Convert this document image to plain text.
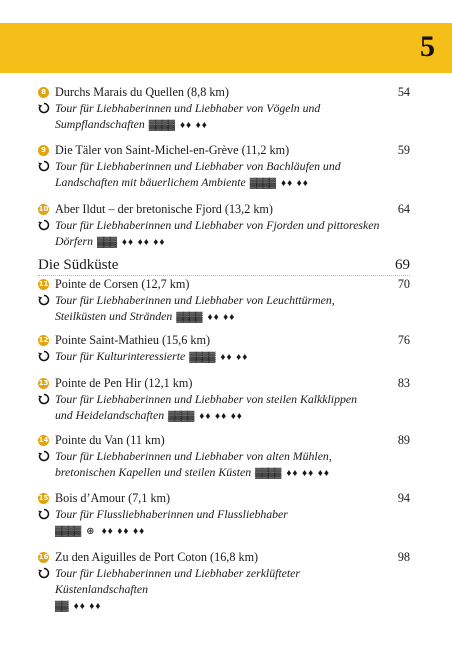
5
8 Durchs Marais du Quellen (8,8 km)	54
Tour für Liebhaberinnen und Liebhaber von Vögeln und
Sumpflandschaften ▓▓▓▓ ♦♦ ♦♦
9 Die Täler von Saint-Michel-en-Grève (11,2 km)	59
Tour für Liebhaberinnen und Liebhaber von Bachläufen und
Landschaften mit bäuerlichem Ambiente ▓▓▓▓ ♦♦ ♦♦
10 Aber Ildut – der bretonische Fjord (13,2 km)	64
Tour für Liebhaberinnen und Liebhaber von Fjorden und pittoresken
Dörfern ▓▓▓ ♦♦ ♦♦ ♦♦
Die Südküste	69
11 Pointe de Corsen (12,7 km)	70
Tour für Liebhaberinnen und Liebhaber von Leuchttürmen,
Steilküsten und Stränden ▓▓▓▓ ♦♦ ♦♦
12 Pointe Saint-Mathieu (15,6 km)	76
Tour für Kulturinteressierte ▓▓▓▓ ♦♦ ♦♦
13 Pointe de Pen Hir (12,1 km)	83
Tour für Liebhaberinnen und Liebhaber von steilen Kalkklippen
und Heidelandschaften ▓▓▓▓ ♦♦ ♦♦ ♦♦
14 Pointe du Van (11 km)	89
Tour für Liebhaberinnen und Liebhaber von alten Mühlen,
bretonischen Kapellen und steilen Küsten ▓▓▓▓ ♦♦ ♦♦ ♦♦
15 Bois d’Amour (7,1 km)	94
Tour für Flussliebhaberinnen und Flussliebhaber
▓▓▓▓ ⊛ ♦♦ ♦♦ ♦♦
16 Zu den Aiguilles de Port Coton (16,8 km)	98
Tour für Liebhaberinnen und Liebhaber zerklüfteter Küstenlandschaften
▓▓ ♦♦ ♦♦
